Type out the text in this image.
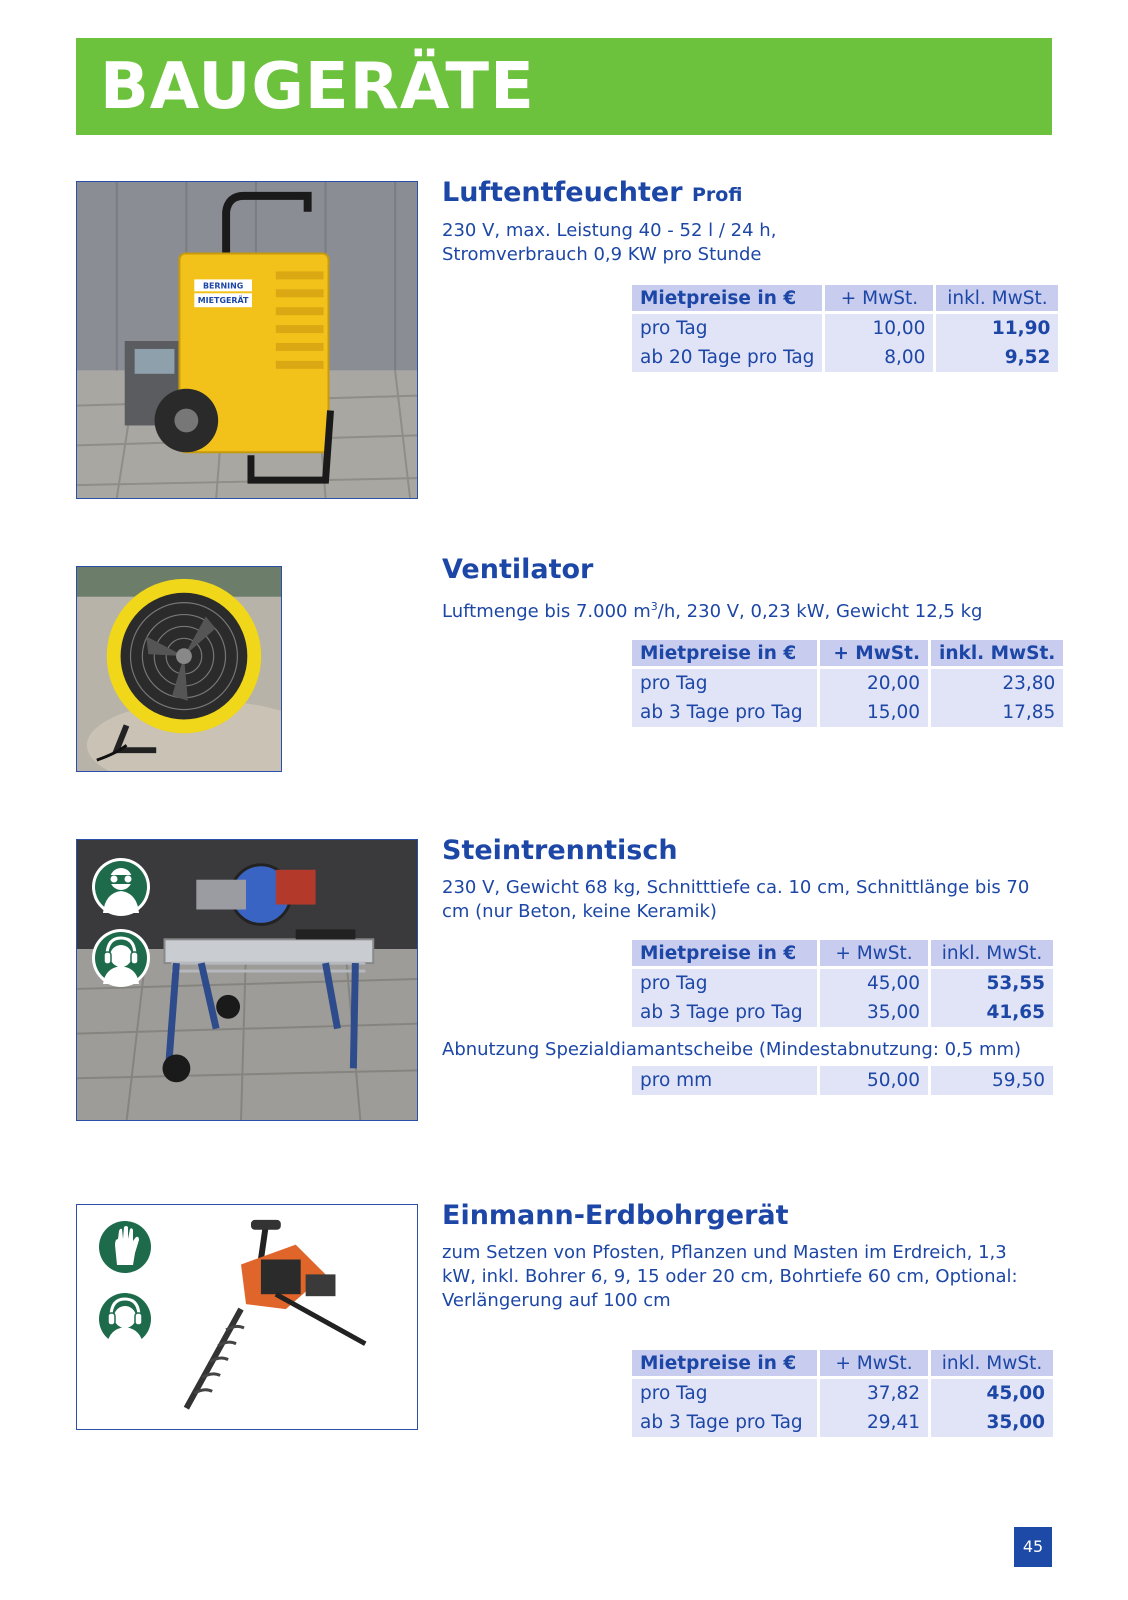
BAUGERÄTE
BERNING
MIETGERÄT
Luftentfeuchter Profi
230 V, max. Leistung 40 - 52 l / 24 h, Stromverbrauch 0,9 KW pro Stunde
Mietpreise in €	+ MwSt.	inkl. MwSt.
pro Tag	10,00	11,90
ab 20 Tage pro Tag	8,00	9,52
Ventilator
Luftmenge bis 7.000 $m^3/h$, 230 V, 0,23 kW, Gewicht 12,5 kg
Mietpreise in €	+ MwSt.	inkl. MwSt.
pro Tag	20,00	23,80
ab 3 Tage pro Tag	15,00	17,85
Steintrenntisch
230 V, Gewicht 68 kg, Schnitttiefe ca. 10 cm, Schnittlänge bis 70 cm (nur Beton, keine Keramik)
Mietpreise in €	+ MwSt.	inkl. MwSt.
pro Tag	45,00	53,55
ab 3 Tage pro Tag	35,00	41,65
Abnutzung Spezialdiamantscheibe (Mindestabnutzung: 0,5 mm)
pro mm	50,00	59,50
Einmann-Erdbohrgerät
zum Setzen von Pfosten, Pflanzen und Masten im Erdreich, 1,3 kW, inkl. Bohrer 6, 9, 15 oder 20 cm, Bohrtiefe 60 cm, Optional: Verlängerung auf 100 cm
Mietpreise in €	+ MwSt.	inkl. MwSt.
pro Tag	37,82	45,00
ab 3 Tage pro Tag	29,41	35,00
45
